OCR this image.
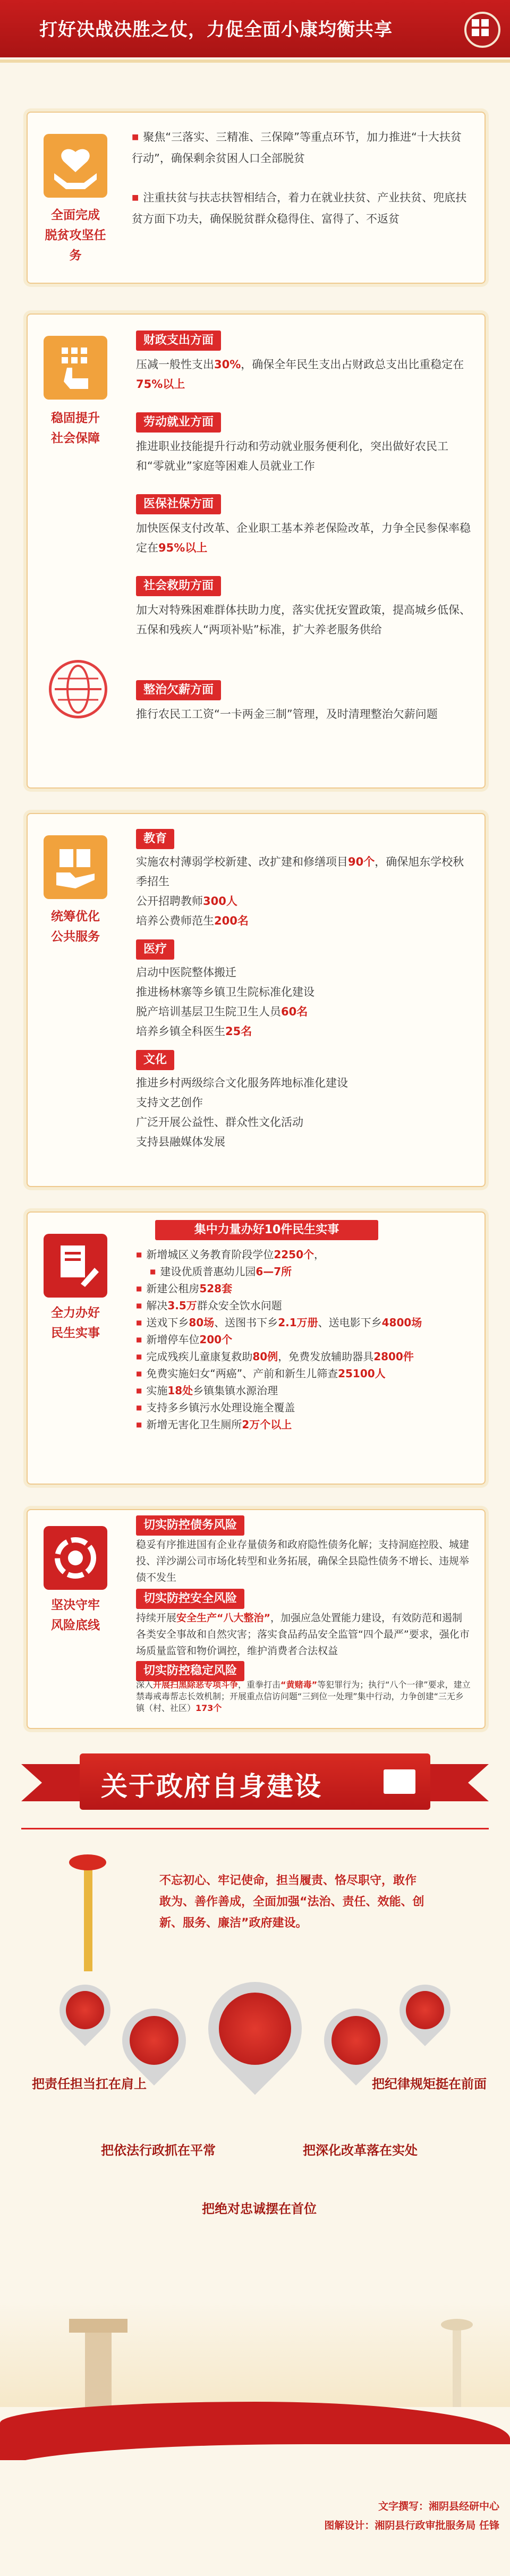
打好决战决胜之仗，力促全面小康均衡共享
全面完成
脱贫攻坚任务
■ 聚焦“三落实、三精准、三保障”等重点环节，加力推进“十大扶贫行动”，确保剩余贫困人口全部脱贫
■ 注重扶贫与扶志扶智相结合，着力在就业扶贫、产业扶贫、兜底扶贫方面下功夫，确保脱贫群众稳得住、富得了、不返贫
稳固提升
社会保障
财政支出方面
压减一般性支出30%，确保全年民生支出占财政总支出比重稳定在75%以上
劳动就业方面
推进职业技能提升行动和劳动就业服务便利化，突出做好农民工和“零就业”家庭等困难人员就业工作
医保社保方面
加快医保支付改革、企业职工基本养老保险改革，力争全民参保率稳定在95%以上
社会救助方面
加大对特殊困难群体扶助力度，落实优抚安置政策，提高城乡低保、五保和残疾人“两项补贴”标准，扩大养老服务供给
整治欠薪方面
推行农民工工资“一卡两金三制”管理，及时清理整治欠薪问题
统筹优化
公共服务
教育
实施农村薄弱学校新建、改扩建和修缮项目90个，确保旭东学校秋季招生
公开招聘教师300人
培养公费师范生200名
医疗
启动中医院整体搬迁
推进杨林寨等乡镇卫生院标准化建设
脱产培训基层卫生院卫生人员60名
培养乡镇全科医生25名
文化
推进乡村两级综合文化服务阵地标准化建设
支持文艺创作
广泛开展公益性、群众性文化活动
支持县融媒体发展
全力办好
民生实事
集中力量办好10件民生实事
■ 新增城区义务教育阶段学位2250个，
■ 建设优质普惠幼儿园6—7所
■ 新建公租房528套
■ 解决3.5万群众安全饮水问题
■ 送戏下乡80场、送图书下乡2.1万册、送电影下乡4800场
■ 新增停车位200个
■ 完成残疾儿童康复救助80例，免费发放辅助器具2800件
■ 免费实施妇女“两癌”、产前和新生儿筛查25100人
■ 实施18处乡镇集镇水源治理
■ 支持多乡镇污水处理设施全覆盖
■ 新增无害化卫生厕所2万个以上
坚决守牢
风险底线
切实防控债务风险
稳妥有序推进国有企业存量债务和政府隐性债务化解；支持洞庭控股、城建投、洋沙湖公司市场化转型和业务拓展，确保全县隐性债务不增长、违规举债不发生
切实防控安全风险
持续开展安全生产“八大整治”，加强应急处置能力建设，有效防范和遏制各类安全事故和自然灾害；落实食品药品安全监管“四个最严”要求，强化市场质量监管和物价调控，维护消费者合法权益
切实防控稳定风险
深入开展扫黑除恶专项斗争，重拳打击“黄赌毒”等犯罪行为；执行“八个一律”要求，建立禁毒戒毒帮志长效机制；开展重点信访问题“三到位一处理”集中行动，力争创建“三无乡镇（村、社区）173个
关于政府自身建设
不忘初心、牢记使命，担当履责、恪尽职守，敢作敢为、善作善成，全面加强“法治、责任、效能、创新、服务、廉洁”政府建设。
把责任担当扛在肩上
把依法行政抓在平常
把绝对忠诚摆在首位
把深化改革落在实处
把纪律规矩挺在前面
文字撰写：湘阴县经研中心
图解设计：湘阴县行政审批服务局 任锋
